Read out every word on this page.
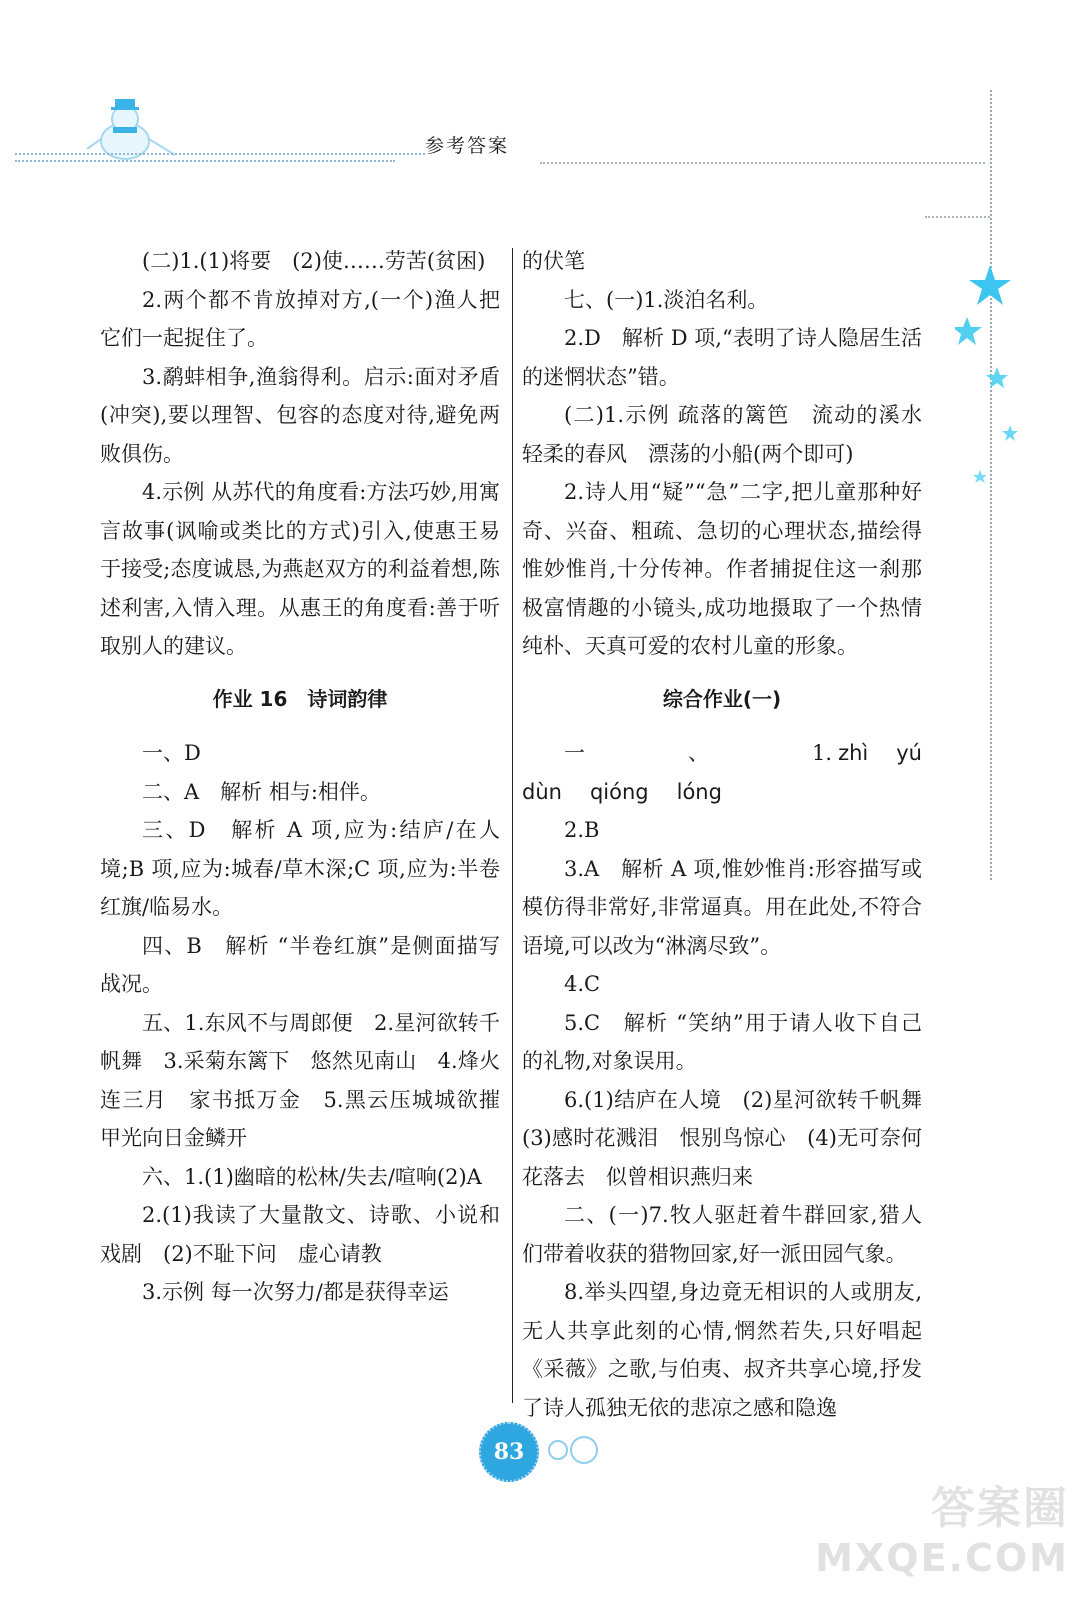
参考答案

(二)1.(1)将要　(2)使……劳苦(贫困)

2.两个都不肯放掉对方,(一个)渔人把它们一起捉住了。

3.鹬蚌相争,渔翁得利。启示:面对矛盾(冲突),要以理智、包容的态度对待,避免两败俱伤。

4.示例 从苏代的角度看:方法巧妙,用寓言故事(讽喻或类比的方式)引入,使惠王易于接受;态度诚恳,为燕赵双方的利益着想,陈述利害,入情入理。从惠王的角度看:善于听取别人的建议。

作业 16　诗词韵律

一、D

二、A　解析 相与:相伴。

三、D　解析 A 项,应为:结庐/在人境;B 项,应为:城春/草木深;C 项,应为:半卷红旗/临易水。

四、B　解析 “半卷红旗”是侧面描写战况。

五、1.东风不与周郎便　2.星河欲转千帆舞　3.采菊东篱下　悠然见南山　4.烽火连三月　家书抵万金　5.黑云压城城欲摧　甲光向日金鳞开

六、1.(1)幽暗的松林/失去/喧响(2)A

2.(1)我读了大量散文、诗歌、小说和戏剧　(2)不耻下问　虚心请教

3.示例 每一次努力/都是获得幸运

的伏笔

七、(一)1.淡泊名利。

2.D　解析 D 项,“表明了诗人隐居生活的迷惘状态”错。

(二)1.示例 疏落的篱笆　流动的溪水　轻柔的春风　漂荡的小船(两个即可)

2.诗人用“疑”“急”二字,把儿童那种好奇、兴奋、粗疏、急切的心理状态,描绘得惟妙惟肖,十分传神。作者捕捉住这一刹那极富情趣的小镜头,成功地摄取了一个热情纯朴、天真可爱的农村儿童的形象。

综合作业(一)

一、1. zhì yú dùn qióng lóng

2.B

3.A　解析 A 项,惟妙惟肖:形容描写或模仿得非常好,非常逼真。用在此处,不符合语境,可以改为“淋漓尽致”。

4.C

5.C　解析 “笑纳”用于请人收下自己的礼物,对象误用。

6.(1)结庐在人境　(2)星河欲转千帆舞　(3)感时花溅泪　恨别鸟惊心　(4)无可奈何花落去　似曾相识燕归来

二、(一)7.牧人驱赶着牛群回家,猎人们带着收获的猎物回家,好一派田园气象。

8.举头四望,身边竟无相识的人或朋友,无人共享此刻的心情,惘然若失,只好唱起《采薇》之歌,与伯夷、叔齐共享心境,抒发了诗人孤独无依的悲凉之感和隐逸

83
答案圈
MXQE.COM
